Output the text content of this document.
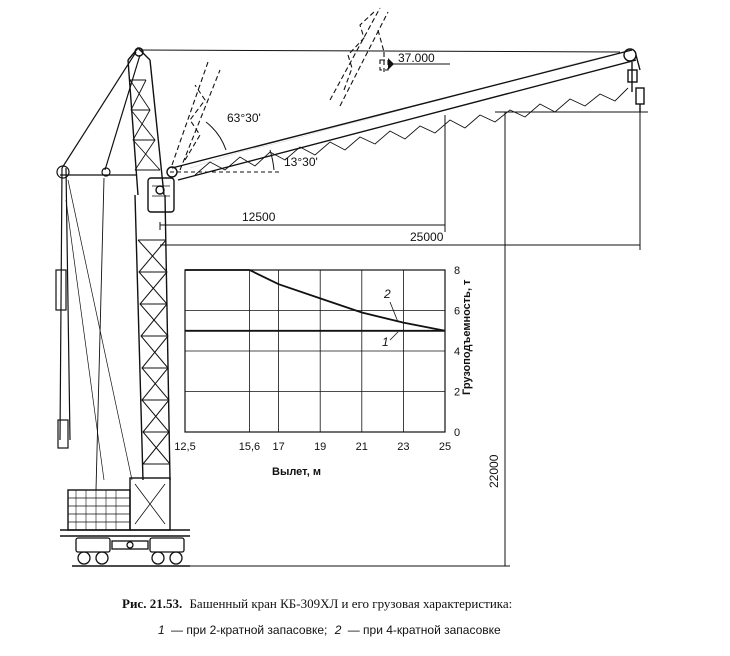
37.000
63°30'
13°30'
12500
25000
22000
12,5	15,6 17	19	21	23	25
0
2
4
6
8
Вылет, м
Грузоподъемность, т
2
1
Рис. 21.53. Башенный кран КБ-309ХЛ и его грузовая характеристика:
1 — при 2-кратной запасовке; 2 — при 4-кратной запасовке
